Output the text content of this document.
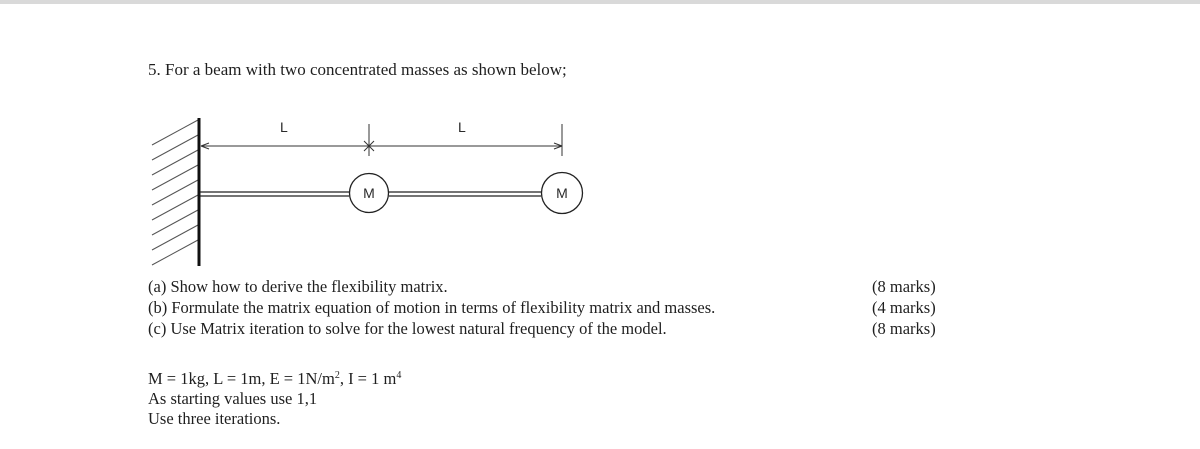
5. For a beam with two concentrated masses as shown below;
L	L
M	M
(a) Show how to derive the flexibility matrix.	(8 marks)
(b) Formulate the matrix equation of motion in terms of flexibility matrix and masses.	(4 marks)
(c) Use Matrix iteration to solve for the lowest natural frequency of the model.	(8 marks)
M = 1kg, L = 1m, $E = 1N/m^2$, I = 1 $m^4$
As starting values use 1,1
Use three iterations.
